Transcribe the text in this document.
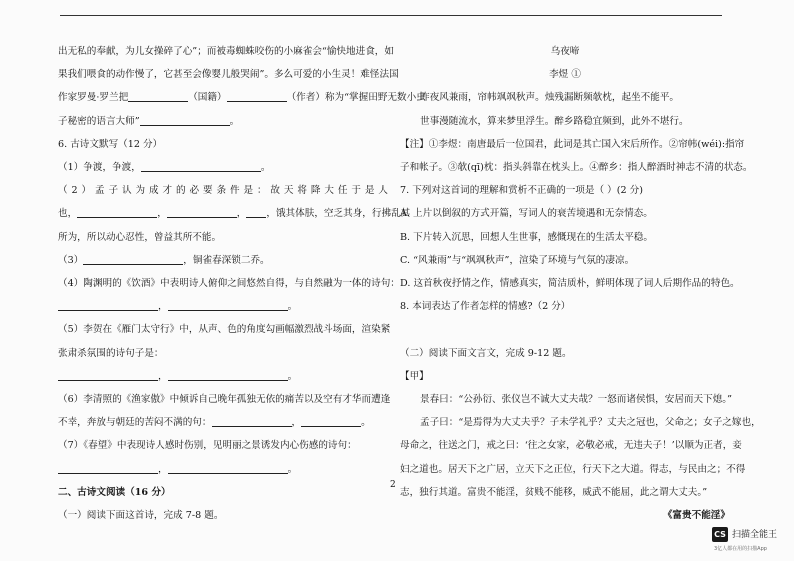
出无私的奉献，为儿女操碎了心”；而被毒蜘蛛咬伤的小麻雀会“愉快地进食，如
果我们喂食的动作慢了，它甚至会像婴儿般哭闹”。多么可爱的小生灵！难怪法国
作家罗曼·罗兰把	（国籍）	（作者）称为“掌握田野无数小虫
子秘密的语言大师”	。
6. 古诗文默写（12 分）
（1）争渡，争渡，	。
（2）孟子认为成才的必要条件是：故天将降大任于是人
也，	，	， ，饿其体肤，空乏其身，行拂乱其
所为，所以动心忍性，曾益其所不能。
（3）	，铜雀春深锁二乔。
（4）陶渊明的《饮酒》中表明诗人俯仰之间悠然自得，与自然融为一体的诗句：
，	。
（5）李贺在《雁门太守行》中，从声、色的角度勾画幅激烈战斗场面，渲染紧
张肃杀氛围的诗句子是：
，	。
（6）李清照的《渔家傲》中倾诉自己晚年孤独无依的痛苦以及空有才华而遭逢
不幸，奔放与朝廷的苦闷不满的句：	，	。
（7）《春望》中表现诗人感时伤别，见明丽之景诱发内心伤感的诗句：
，	。
二、古诗文阅读（16 分）
（一）阅读下面这首诗，完成 7-8 题。
乌夜啼
李煜 ①
昨夜风兼雨，帘帏飒飒秋声。烛残漏断频欹枕，起坐不能平。
世事漫随流水，算来梦里浮生。醉乡路稳宜频到，此外不堪行。
【注】①李煜：南唐最后一位国君，此词是其亡国入宋后所作。②帘帏(wéi):指帘
子和帐子。③欹(qī)枕：指头斜靠在枕头上。④醉乡：指人醉酒时神志不清的状态。
7. 下列对这首词的理解和赏析不正确的一项是（ ）(2 分)
A. 上片以倒叙的方式开篇，写词人的衰苦境遇和无奈情态。
B. 下片转入沉思，回想人生世事，感慨现在的生活太平稳。
C. “风兼雨”与“飒飒秋声”，渲染了环境与气氛的凄凉。
D. 这首秋夜抒情之作，情感真实，简洁质朴，鲜明体现了词人后期作品的特色。
8. 本词表达了作者怎样的情感?（2 分）

（二）阅读下面文言文，完成 9-12 题。
【甲】
景春曰：“公孙衍、张仪岂不诚大丈夫哉？一怒而诸侯惧，安居而天下熄。”
孟子曰：“是焉得为大丈夫乎？子未学礼乎？丈夫之冠也，父命之；女子之嫁也，
母命之，往送之门，戒之曰：‘往之女家，必敬必戒，无违夫子！’以顺为正者，妾
妇之道也。居天下之广居，立天下之正位，行天下之大道。得志，与民由之；不得
志，独行其道。富贵不能淫，贫贱不能移，威武不能屈，此之谓大丈夫。”
《富贵不能淫》
2
CS 扫描全能王
3亿人都在用的扫描App
